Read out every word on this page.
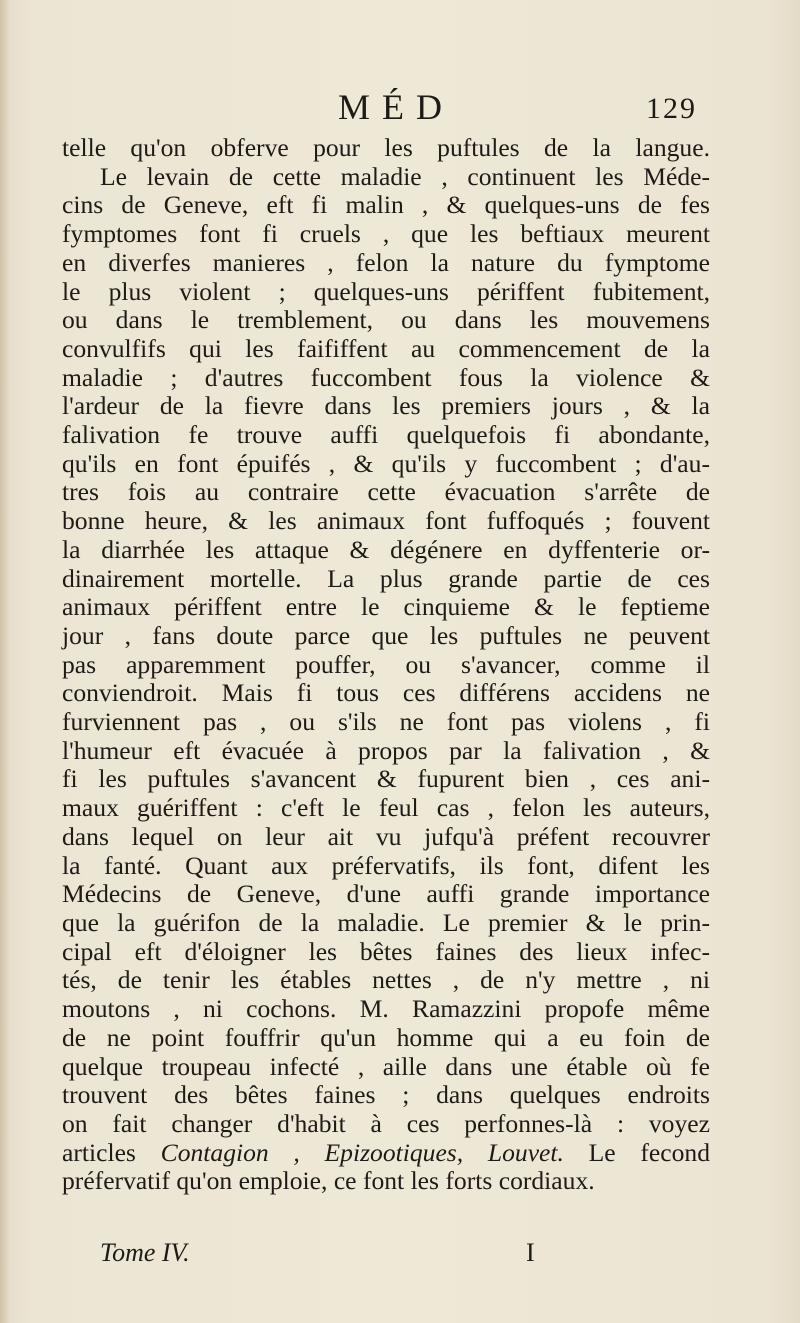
MÉD	129
telle qu'on obferve pour les puftules de la langue.
Le levain de cette maladie , continuent les Méde-
cins de Geneve, eft fi malin , & quelques-uns de fes
fymptomes font fi cruels , que les beftiaux meurent
en diverfes manieres , felon la nature du fymptome
le plus violent ; quelques-uns périffent fubitement,
ou dans le tremblement, ou dans les mouvemens
convulfifs qui les faififfent au commencement de la
maladie ; d'autres fuccombent fous la violence &
l'ardeur de la fievre dans les premiers jours , & la
falivation fe trouve auffi quelquefois fi abondante,
qu'ils en font épuifés , & qu'ils y fuccombent ; d'au-
tres fois au contraire cette évacuation s'arrête de
bonne heure, & les animaux font fuffoqués ; fouvent
la diarrhée les attaque & dégénere en dyffenterie or-
dinairement mortelle. La plus grande partie de ces
animaux périffent entre le cinquieme & le feptieme
jour , fans doute parce que les puftules ne peuvent
pas apparemment pouffer, ou s'avancer, comme il
conviendroit. Mais fi tous ces différens accidens ne
furviennent pas , ou s'ils ne font pas violens , fi
l'humeur eft évacuée à propos par la falivation , &
fi les puftules s'avancent & fupurent bien , ces ani-
maux guériffent : c'eft le feul cas , felon les auteurs,
dans lequel on leur ait vu jufqu'à préfent recouvrer
la fanté. Quant aux préfervatifs, ils font, difent les
Médecins de Geneve, d'une auffi grande importance
que la guérifon de la maladie. Le premier & le prin-
cipal eft d'éloigner les bêtes faines des lieux infec-
tés, de tenir les étables nettes , de n'y mettre , ni
moutons , ni cochons. M. Ramazzini propofe même
de ne point fouffrir qu'un homme qui a eu foin de
quelque troupeau infecté , aille dans une étable où fe
trouvent des bêtes faines ; dans quelques endroits
on fait changer d'habit à ces perfonnes-là : voyez
articles Contagion , Epizootiques, Louvet. Le fecond
préfervatif qu'on emploie, ce font les forts cordiaux.
Tome IV.	I
